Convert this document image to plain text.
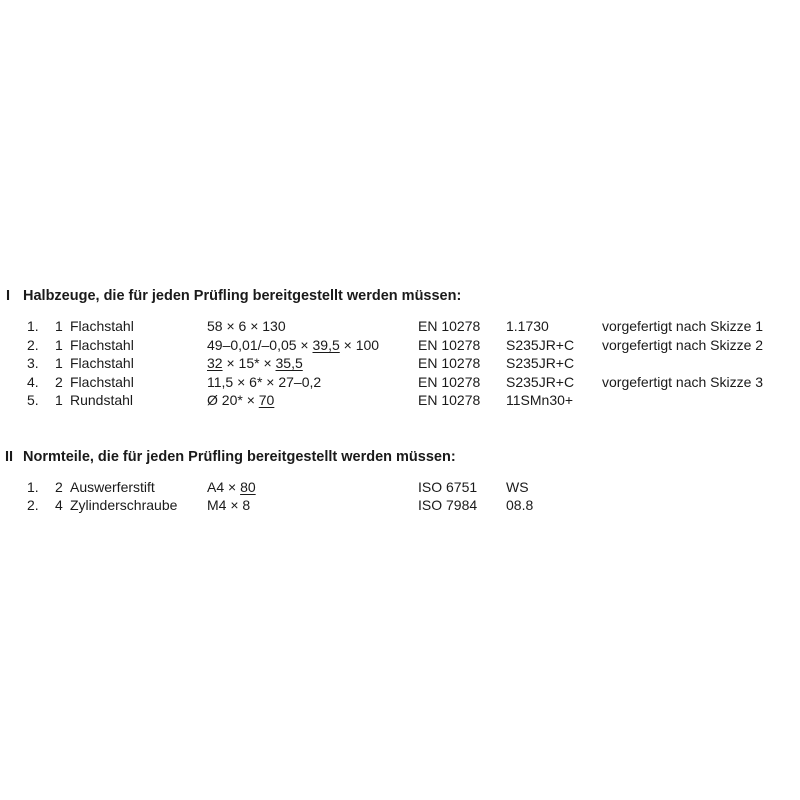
I Halbzeuge, die für jeden Prüfling bereitgestellt werden müssen:
1. 1 Flachstahl	58 × 6 × 130	EN 10278 1.1730	vorgefertigt nach Skizze 1
2. 1 Flachstahl	49–0,01/–0,05 × 39,5 × 100	EN 10278 S235JR+C vorgefertigt nach Skizze 2
3. 1 Flachstahl	32 × 15* × 35,5	EN 10278 S235JR+C
4. 2 Flachstahl	11,5 × 6* × 27–0,2	EN 10278 S235JR+C vorgefertigt nach Skizze 3
5. 1 Rundstahl	Ø 20* × 70	EN 10278 11SMn30+
II Normteile, die für jeden Prüfling bereitgestellt werden müssen:
1. 2 Auswerferstift	A4 × 80	ISO 6751 WS
2. 4 Zylinderschraube M4 × 8	ISO 7984 08.8
